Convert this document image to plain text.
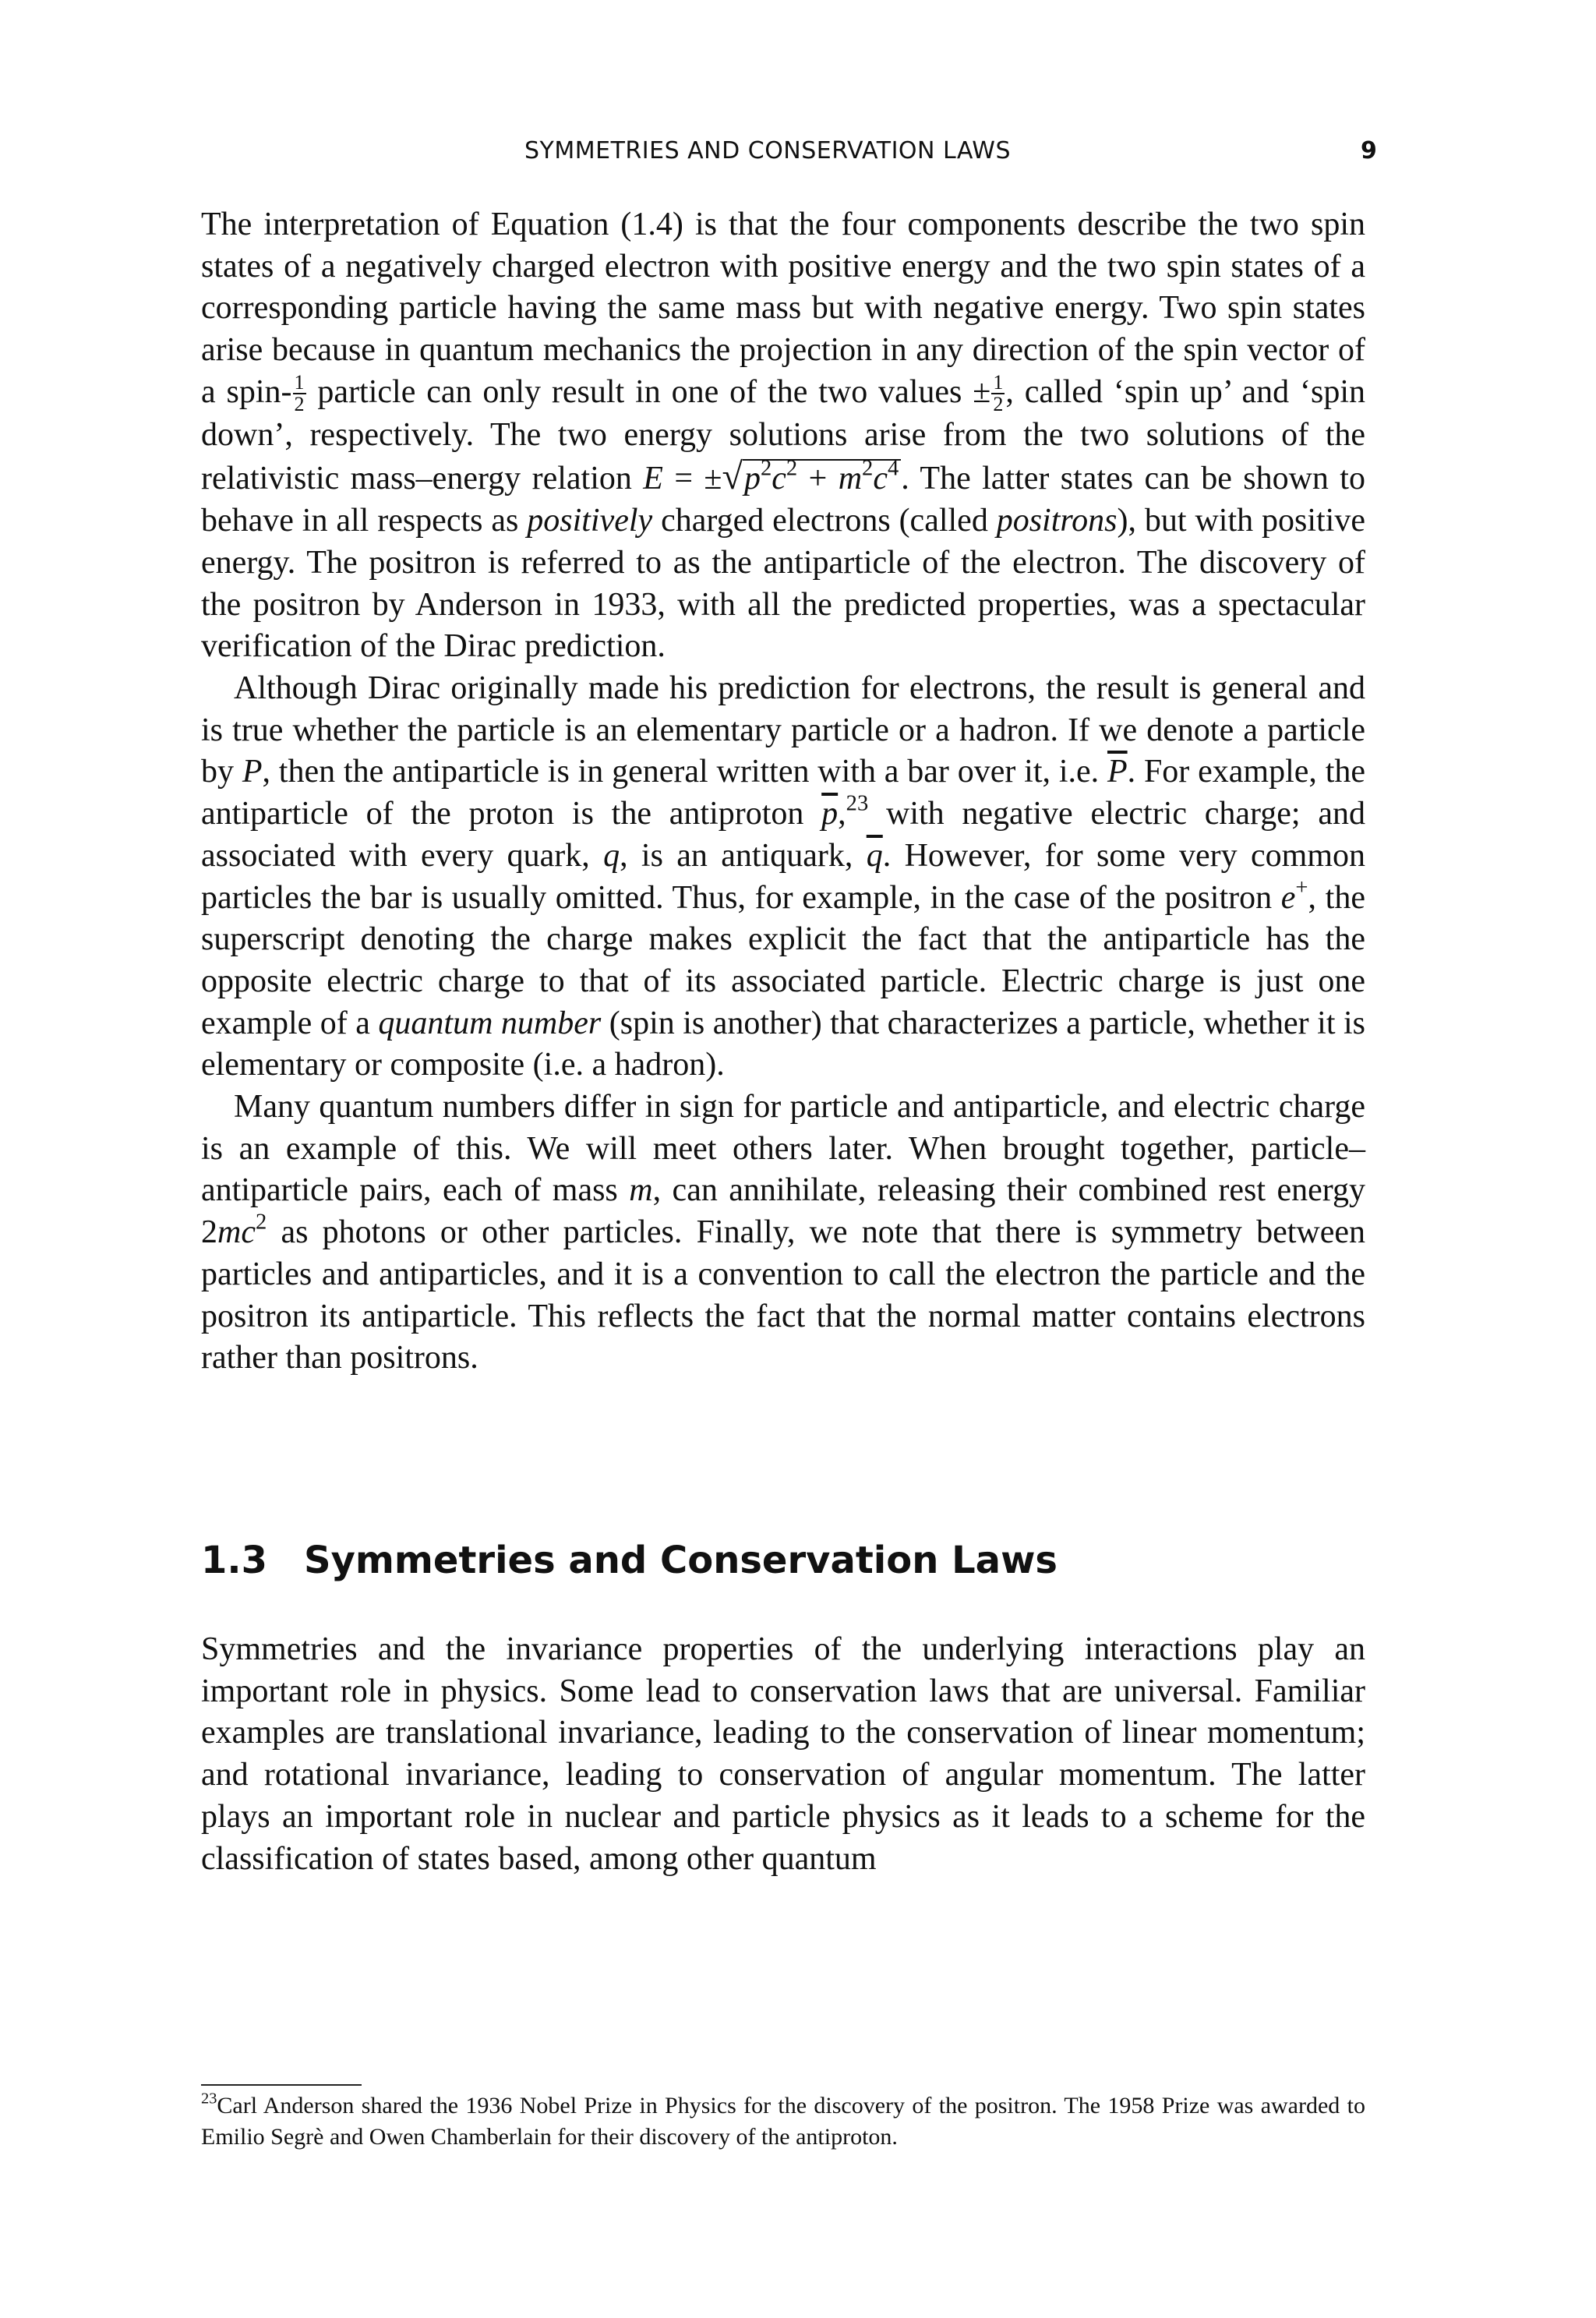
SYMMETRIES AND CONSERVATION LAWS	9

The interpretation of Equation (1.4) is that the four components describe the two spin states of a negatively charged electron with positive energy and the two spin states of a corresponding particle having the same mass but with negative energy. Two spin states arise because in quantum mechanics the projection in any direction of the spin vector of a spin- $\frac{1}{2}$ particle can only result in one of the two values ± $\frac{1}{2}$ , called ‘spin up’ and ‘spin down’, respectively. The two energy solutions arise from the two solutions of the relativistic mass–energy relation $E = \pm√p^2c^2 + m^2c^4$. The latter states can be shown to behave in all respects as positively charged electrons (called positrons), but with positive energy. The positron is referred to as the antiparticle of the electron. The discovery of the positron by Anderson in 1933, with all the predicted properties, was a spectacular verification of the Dirac prediction.

Although Dirac originally made his prediction for electrons, the result is general and is true whether the particle is an elementary particle or a hadron. If we denote a particle by P, then the antiparticle is in general written with a bar over it, i.e. $\overline{P}$. For example, the antiparticle of the proton is the antiproton $\overline{p},^{23}$ with negative electric charge; and associated with every quark, q, is an antiquark, $\overline{q}$. However, for some very common particles the bar is usually omitted. Thus, for example, in the case of the positron e+, the superscript denoting the charge makes explicit the fact that the antiparticle has the opposite electric charge to that of its associated particle. Electric charge is just one example of a quantum number (spin is another) that characterizes a particle, whether it is elementary or composite (i.e. a hadron).

Many quantum numbers differ in sign for particle and antiparticle, and electric charge is an example of this. We will meet others later. When brought together, particle–antiparticle pairs, each of mass m, can annihilate, releasing their combined rest energy $2mc^2$ as photons or other particles. Finally, we note that there is symmetry between particles and antiparticles, and it is a convention to call the electron the particle and the positron its antiparticle. This reflects the fact that the normal matter contains electrons rather than positrons.

1.3 Symmetries and Conservation Laws

Symmetries and the invariance properties of the underlying interactions play an important role in physics. Some lead to conservation laws that are universal. Familiar examples are translational invariance, leading to the conservation of linear momentum; and rotational invariance, leading to conservation of angular momentum. The latter plays an important role in nuclear and particle physics as it leads to a scheme for the classification of states based, among other quantum

$^{23}$Carl Anderson shared the 1936 Nobel Prize in Physics for the discovery of the positron. The 1958 Prize was awarded to Emilio Segrè and Owen Chamberlain for their discovery of the antiproton.
